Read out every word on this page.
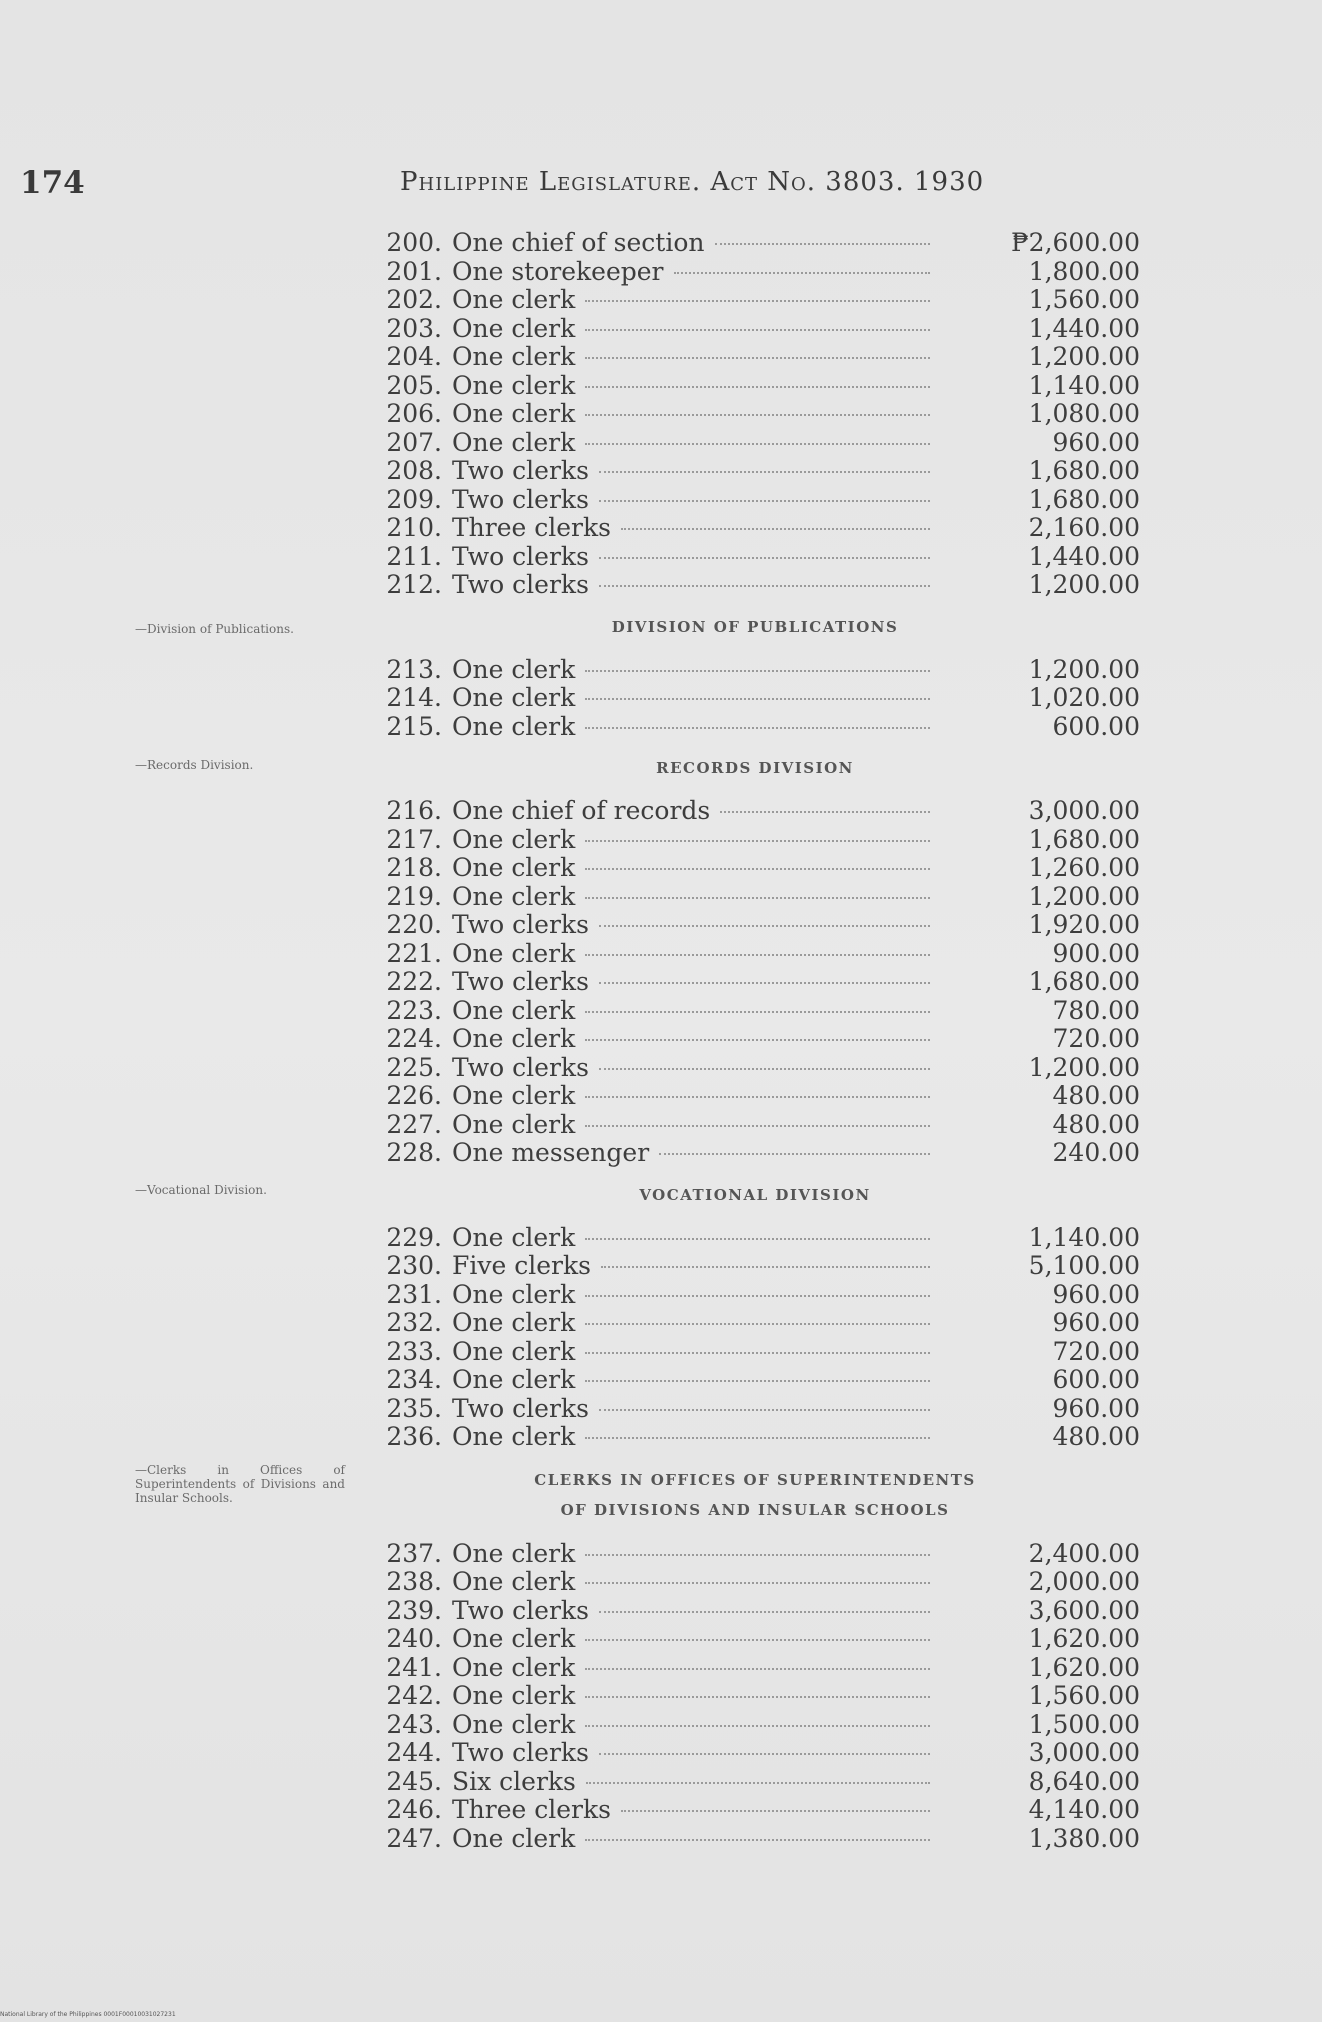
174	Philippine Legislature. Act No. 3803. 1930
—Division of Publications.
—Records Division.
—Vocational Division.
—Clerks in Offices of Superintendents of Divisions and Insular Schools.
200. One chief of section	₱2,600.00
201. One storekeeper	1,800.00
202. One clerk	1,560.00
203. One clerk	1,440.00
204. One clerk	1,200.00
205. One clerk	1,140.00
206. One clerk	1,080.00
207. One clerk	960.00
208. Two clerks	1,680.00
209. Two clerks	1,680.00
210. Three clerks	2,160.00
211. Two clerks	1,440.00
212. Two clerks	1,200.00
DIVISION OF PUBLICATIONS
213. One clerk	1,200.00
214. One clerk	1,020.00
215. One clerk	600.00
RECORDS DIVISION
216. One chief of records	3,000.00
217. One clerk	1,680.00
218. One clerk	1,260.00
219. One clerk	1,200.00
220. Two clerks	1,920.00
221. One clerk	900.00
222. Two clerks	1,680.00
223. One clerk	780.00
224. One clerk	720.00
225. Two clerks	1,200.00
226. One clerk	480.00
227. One clerk	480.00
228. One messenger	240.00
VOCATIONAL DIVISION
229. One clerk	1,140.00
230. Five clerks	5,100.00
231. One clerk	960.00
232. One clerk	960.00
233. One clerk	720.00
234. One clerk	600.00
235. Two clerks	960.00
236. One clerk	480.00
CLERKS IN OFFICES OF SUPERINTENDENTS
OF DIVISIONS AND INSULAR SCHOOLS
237. One clerk	2,400.00
238. One clerk	2,000.00
239. Two clerks	3,600.00
240. One clerk	1,620.00
241. One clerk	1,620.00
242. One clerk	1,560.00
243. One clerk	1,500.00
244. Two clerks	3,000.00
245. Six clerks	8,640.00
246. Three clerks	4,140.00
247. One clerk	1,380.00
National Library of the Philippines 0001F00010031027231
